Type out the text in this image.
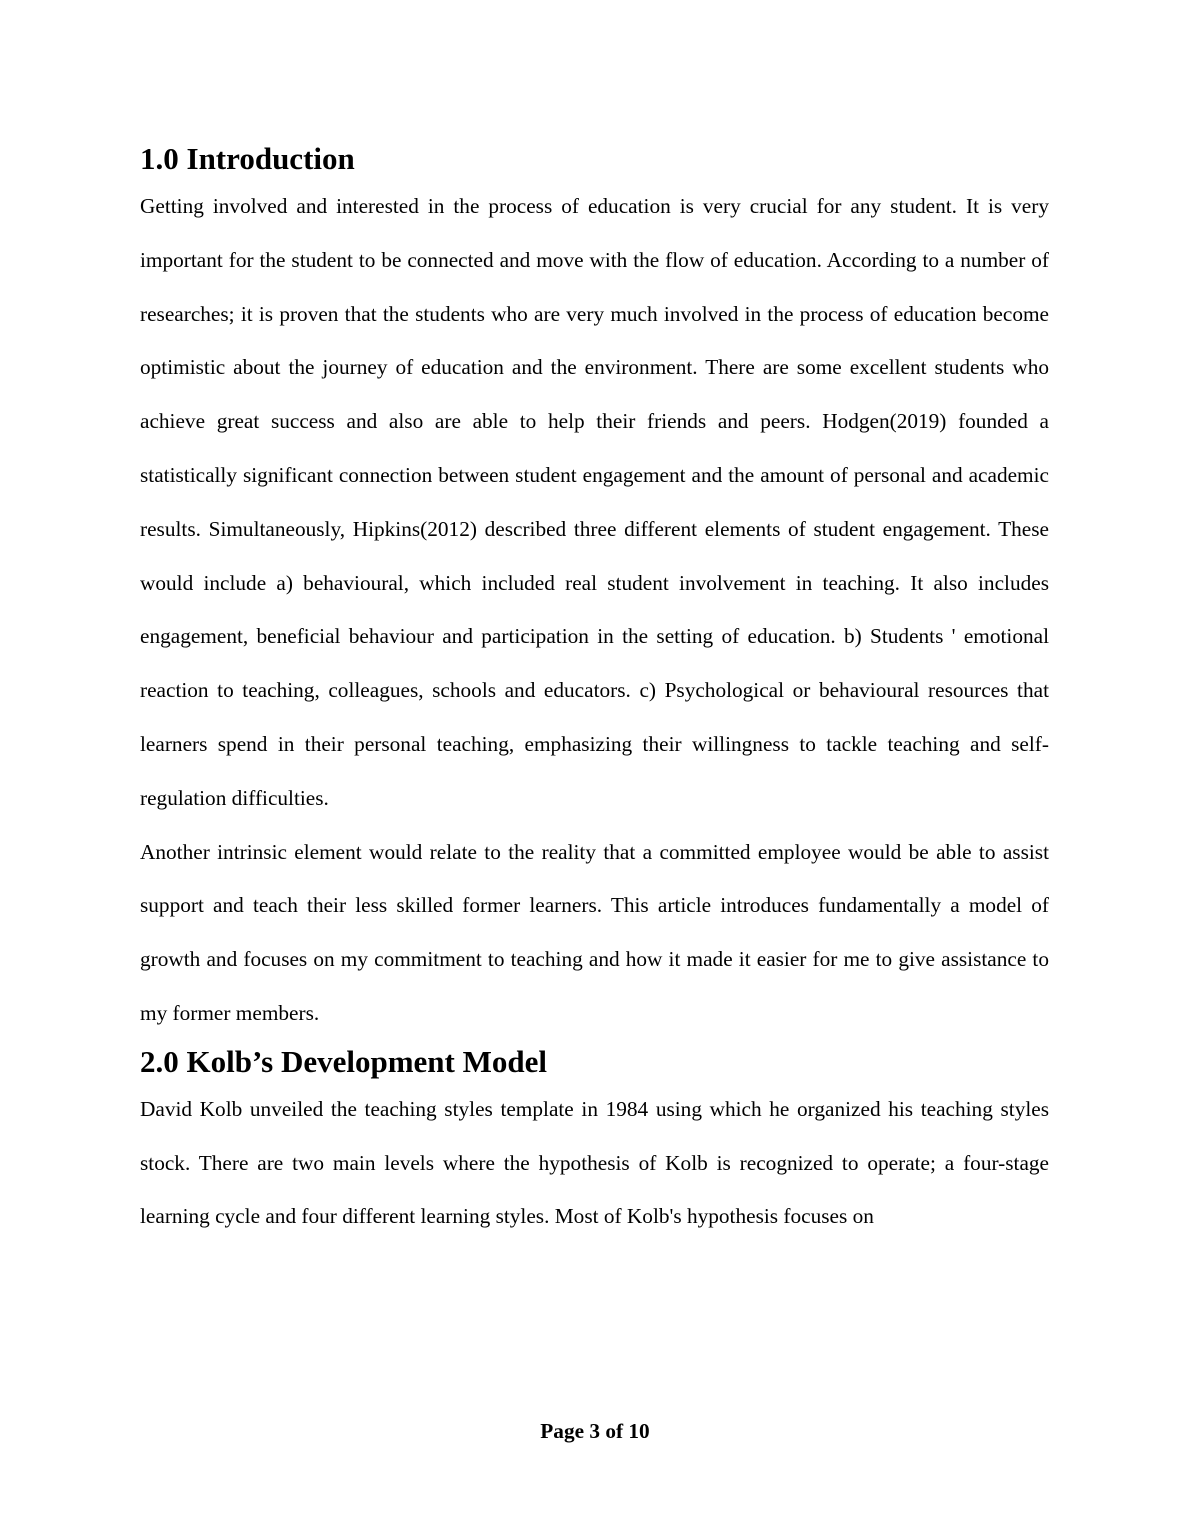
1.0 Introduction

Getting involved and interested in the process of education is very crucial for any student. It is very important for the student to be connected and move with the flow of education. According to a number of researches; it is proven that the students who are very much involved in the process of education become optimistic about the journey of education and the environment. There are some excellent students who achieve great success and also are able to help their friends and peers. Hodgen(2019) founded a statistically significant connection between student engagement and the amount of personal and academic results. Simultaneously, Hipkins(2012) described three different elements of student engagement. These would include a) behavioural, which included real student involvement in teaching. It also includes engagement, beneficial behaviour and participation in the setting of education. b) Students ' emotional reaction to teaching, colleagues, schools and educators. c) Psychological or behavioural resources that learners spend in their personal teaching, emphasizing their willingness to tackle teaching and self-regulation difficulties.

Another intrinsic element would relate to the reality that a committed employee would be able to assist support and teach their less skilled former learners. This article introduces fundamentally a model of growth and focuses on my commitment to teaching and how it made it easier for me to give assistance to my former members.

2.0 Kolb’s Development Model

David Kolb unveiled the teaching styles template in 1984 using which he organized his teaching styles stock. There are two main levels where the hypothesis of Kolb is recognized to operate; a four-stage learning cycle and four different learning styles. Most of Kolb's hypothesis focuses on

Page 3 of 10
